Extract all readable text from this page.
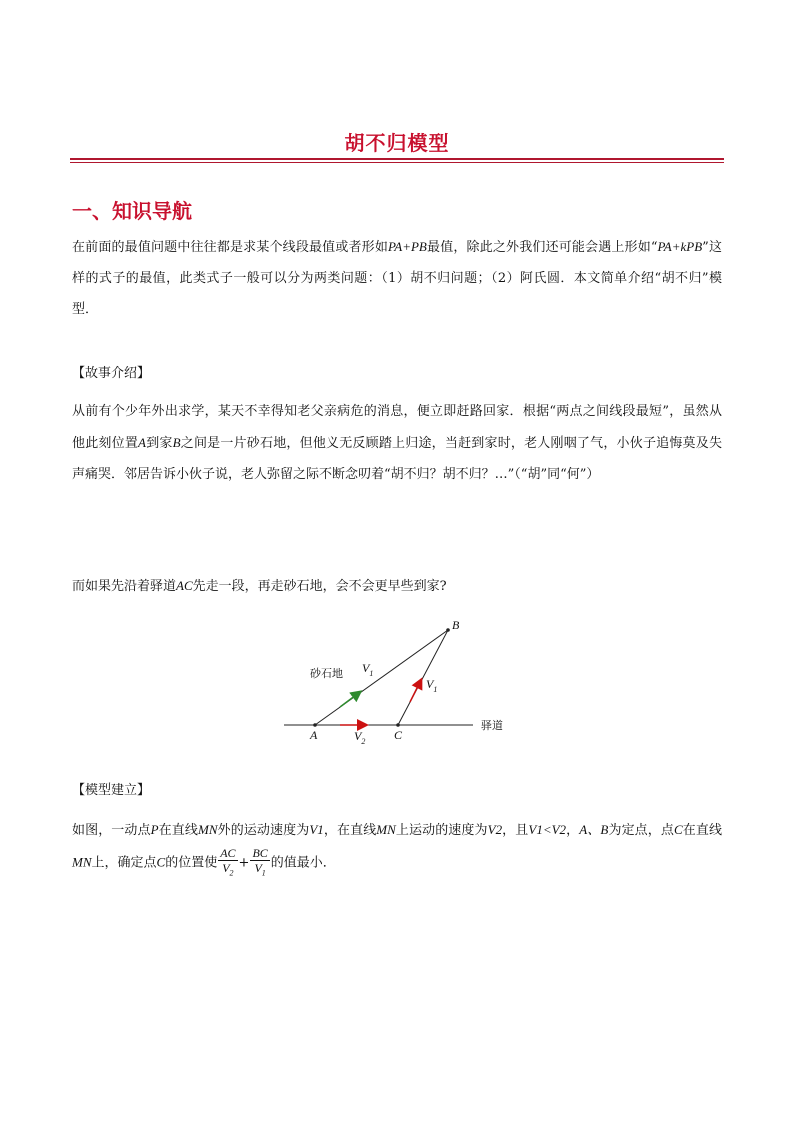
胡不归模型
一、知识导航
在前面的最值问题中往往都是求某个线段最值或者形如PA+PB最值，除此之外我们还可能会遇上形如“PA+kPB”这样的式子的最值，此类式子一般可以分为两类问题：（1）胡不归问题；（2）阿氏圆．本文简单介绍“胡不归”模型．
【故事介绍】
从前有个少年外出求学，某天不幸得知老父亲病危的消息，便立即赶路回家．根据“两点之间线段最短”，虽然从他此刻位置A到家B之间是一片砂石地，但他义无反顾踏上归途，当赶到家时，老人刚咽了气，小伙子追悔莫及失声痛哭．邻居告诉小伙子说，老人弥留之际不断念叨着“胡不归？胡不归？…”（“胡”同“何”）
而如果先沿着驿道AC先走一段，再走砂石地，会不会更早些到家?
B
A	C
砂石地
驿道
$V_1$
$V_1$
$V_2$
【模型建立】
如图，一动点P在直线MN外的运动速度为V1，在直线MN上运动的速度为V2，且V1<V2，A、B为定点，点C在直线MN上，确定点C的位置使 $\frac{AC}{V_2} + \frac{BC}{V_1}$ 的值最小．
